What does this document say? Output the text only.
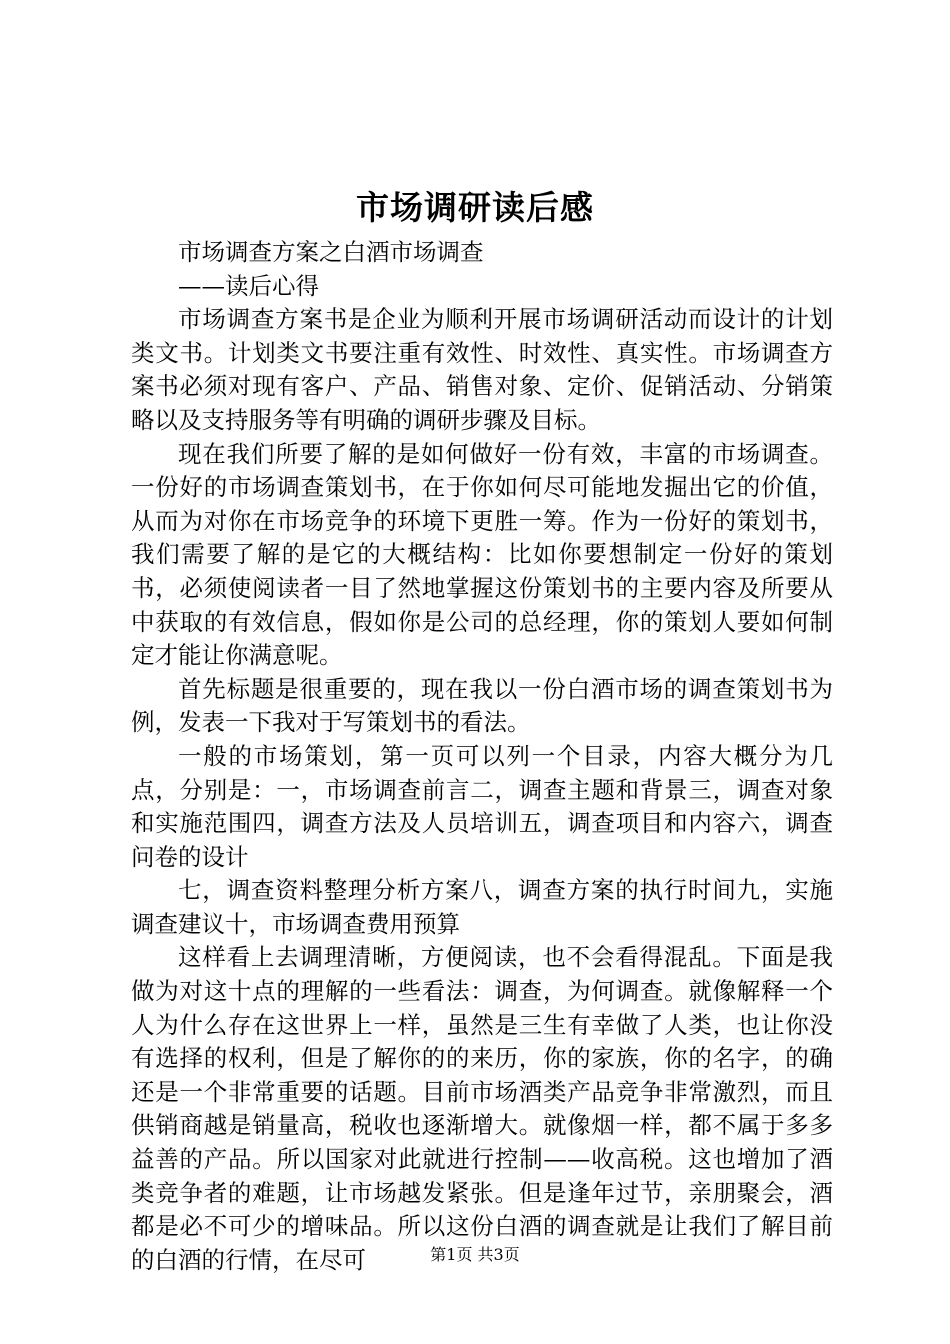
市场调研读后感

市场调查方案之白酒市场调查

——读后心得

市场调查方案书是企业为顺利开展市场调研活动而设计的计划类文书。计划类文书要注重有效性、时效性、真实性。市场调查方案书必须对现有客户、产品、销售对象、定价、促销活动、分销策略以及支持服务等有明确的调研步骤及目标。

现在我们所要了解的是如何做好一份有效，丰富的市场调查。一份好的市场调查策划书，在于你如何尽可能地发掘出它的价值，从而为对你在市场竞争的环境下更胜一筹。作为一份好的策划书，我们需要了解的是它的大概结构：比如你要想制定一份好的策划书，必须使阅读者一目了然地掌握这份策划书的主要内容及所要从中获取的有效信息，假如你是公司的总经理，你的策划人要如何制定才能让你满意呢。

首先标题是很重要的，现在我以一份白酒市场的调查策划书为例，发表一下我对于写策划书的看法。

一般的市场策划，第一页可以列一个目录，内容大概分为几点，分别是：一，市场调查前言二，调查主题和背景三，调查对象和实施范围四，调查方法及人员培训五，调查项目和内容六，调查问卷的设计

七，调查资料整理分析方案八，调查方案的执行时间九，实施调查建议十，市场调查费用预算

这样看上去调理清晰，方便阅读，也不会看得混乱。下面是我做为对这十点的理解的一些看法：调查，为何调查。就像解释一个人为什么存在这世界上一样，虽然是三生有幸做了人类，也让你没有选择的权利，但是了解你的的来历，你的家族，你的名字，的确还是一个非常重要的话题。目前市场酒类产品竞争非常激烈，而且供销商越是销量高，税收也逐渐增大。就像烟一样，都不属于多多益善的产品。所以国家对此就进行控制——收高税。这也增加了酒类竞争者的难题，让市场越发紧张。但是逢年过节，亲朋聚会，酒都是必不可少的增味品。所以这份白酒的调查就是让我们了解目前的白酒的行情，在尽可	第1页 共3页
